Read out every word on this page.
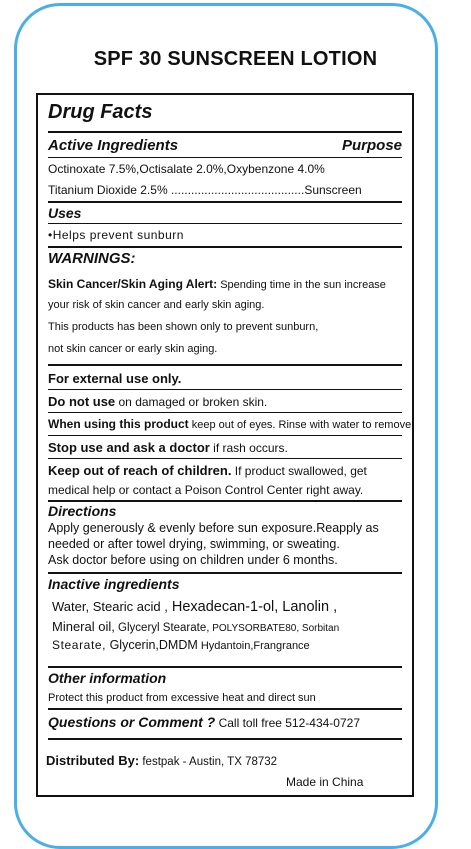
SPF 30 SUNSCREEN LOTION
Drug Facts
Active Ingredients	Purpose
Octinoxate 7.5%,Octisalate 2.0%,Oxybenzone 4.0%
Titanium Dioxide 2.5% ........................................Sunscreen
Uses
•Helps prevent sunburn
WARNINGS:
Skin Cancer/Skin Aging Alert: Spending time in the sun increase
your risk of skin cancer and early skin aging.
This products has been shown only to prevent sunburn,
not skin cancer or early skin aging.
For external use only.
Do not use on damaged or broken skin.
When using this product keep out of eyes. Rinse with water to remove.
Stop use and ask a doctor if rash occurs.
Keep out of reach of children. If product swallowed, get
medical help or contact a Poison Control Center right away.
Directions
Apply generously & evenly before sun exposure.Reapply as
needed or after towel drying, swimming, or sweating.
Ask doctor before using on children under 6 months.
Inactive ingredients
Water, Stearic acid , Hexadecan-1-ol, Lanolin ,
Mineral oil, Glyceryl Stearate, POLYSORBATE80, Sorbitan
Stearate, Glycerin,DMDM Hydantoin,Frangrance
Other information
Protect this product from excessive heat and direct sun
Questions or Comment ? Call toll free 512-434-0727
Distributed By: festpak - Austin, TX 78732
Made in China
